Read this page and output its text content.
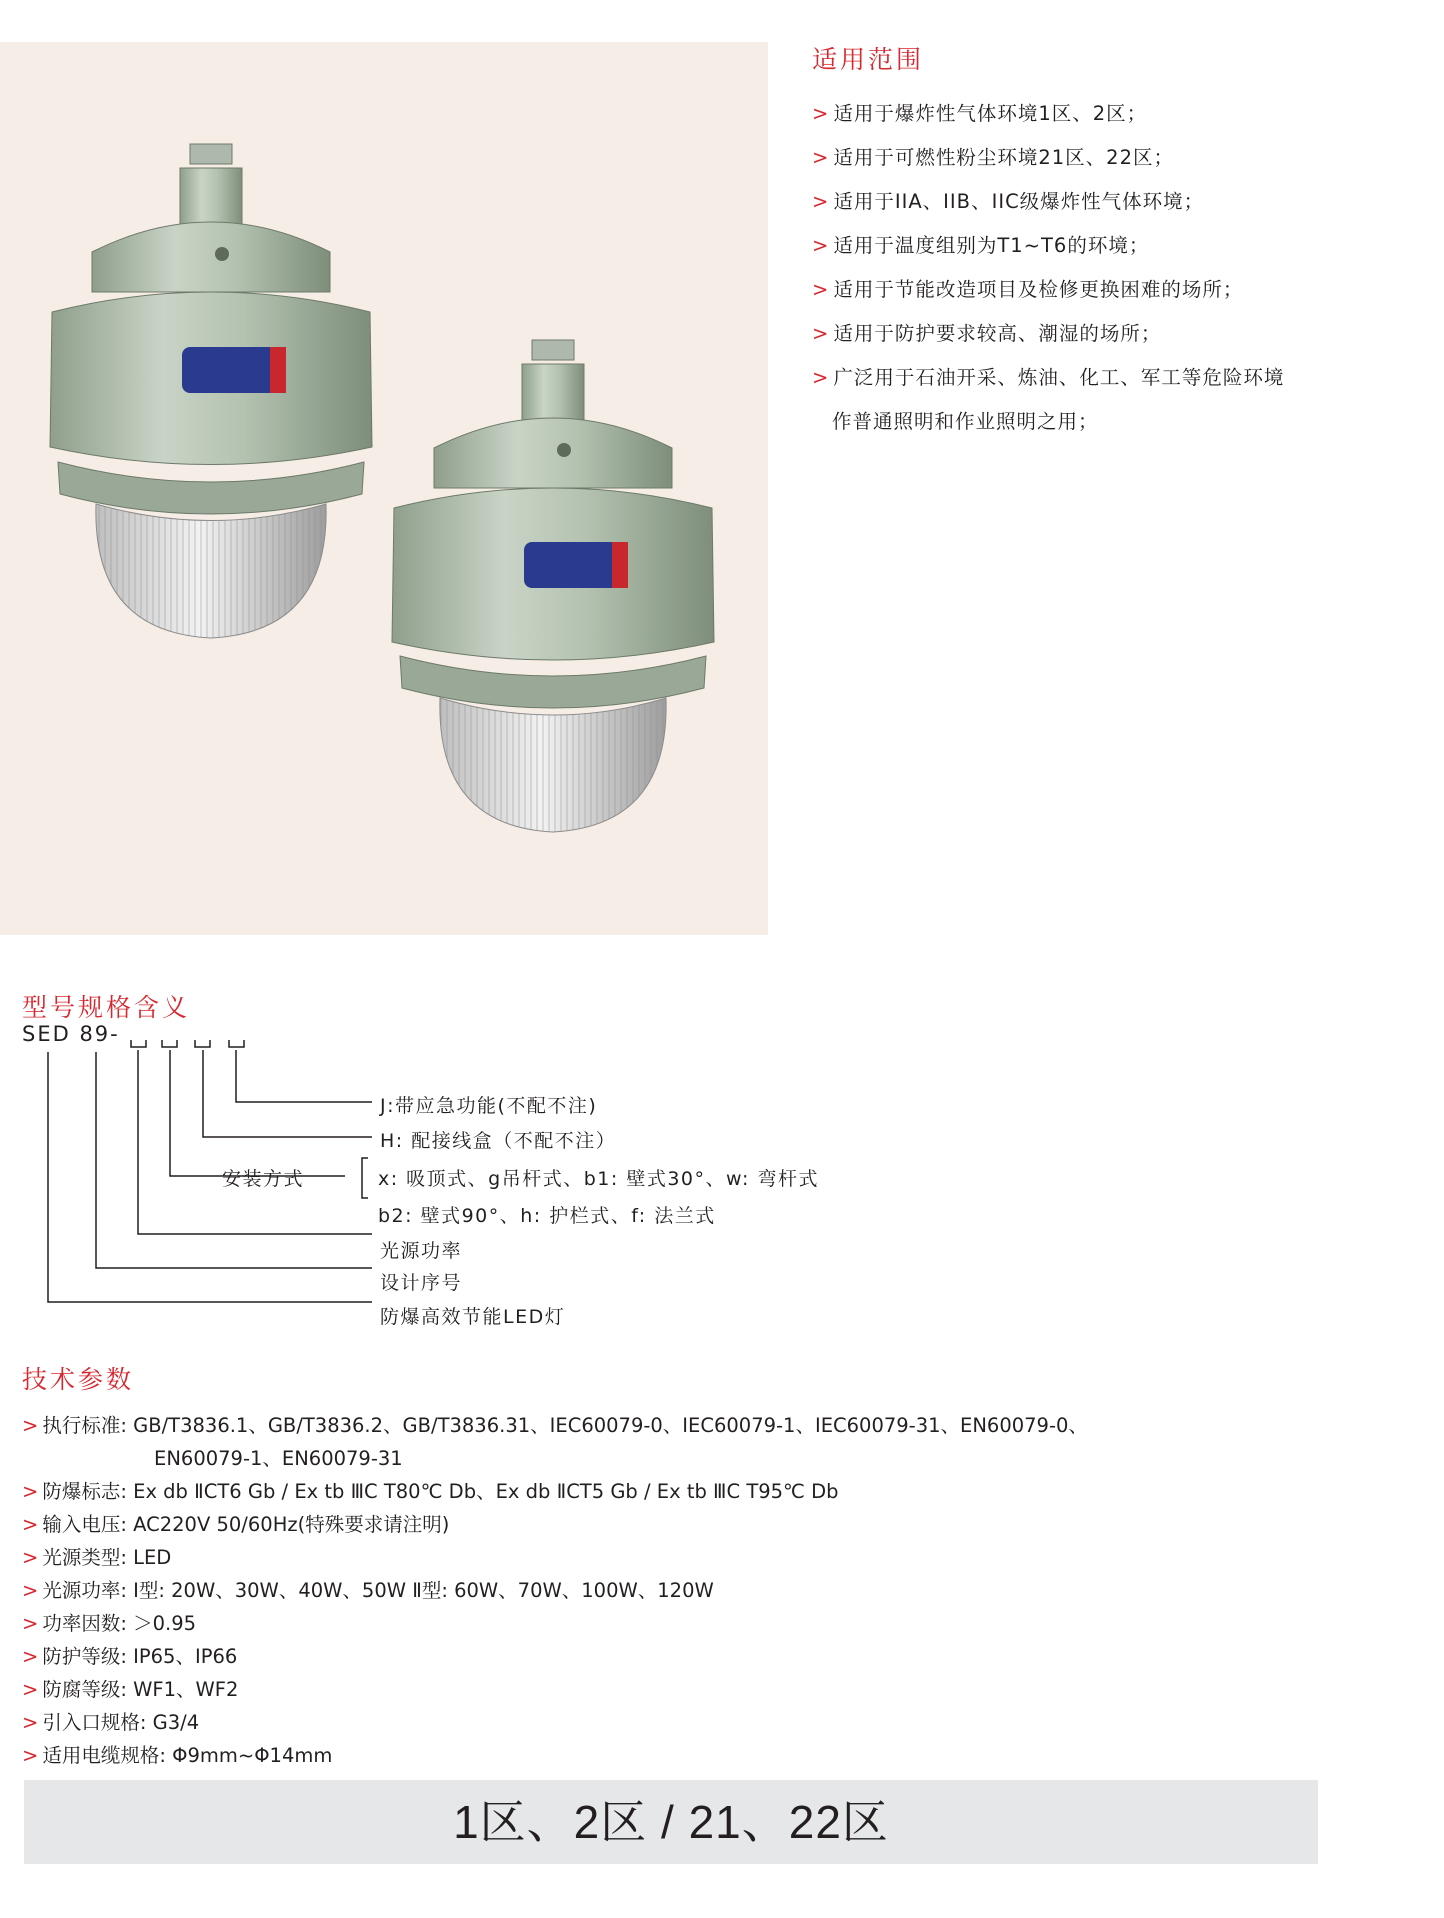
适用范围
> 适用于爆炸性气体环境1区、2区；
> 适用于可燃性粉尘环境21区、22区；
> 适用于IIA、IIB、IIC级爆炸性气体环境；
> 适用于温度组别为T1~T6的环境；
> 适用于节能改造项目及检修更换困难的场所；
> 适用于防护要求较高、潮湿的场所；
> 广泛用于石油开采、炼油、化工、军工等危险环境
作普通照明和作业照明之用；
型号规格含义
SED 89-
J:带应急功能(不配不注)
H: 配接线盒（不配不注）
安装方式	x: 吸顶式、g吊杆式、b1: 壁式30°、w: 弯杆式
b2: 壁式90°、h: 护栏式、f: 法兰式
光源功率
设计序号
防爆高效节能LED灯
技术参数
> 执行标准: GB/T3836.1、GB/T3836.2、GB/T3836.31、IEC60079-0、IEC60079-1、IEC60079-31、EN60079-0、
EN60079-1、EN60079-31
> 防爆标志: Ex db ⅡCT6 Gb / Ex tb ⅢC T80℃ Db、Ex db ⅡCT5 Gb / Ex tb ⅢC T95℃ Db
>输入电压: AC220V 50/60Hz(特殊要求请注明)
> 光源类型: LED
> 光源功率: Ⅰ型: 20W、30W、40W、50W Ⅱ型: 60W、70W、100W、120W
> 功率因数: ＞0.95
> 防护等级: IP65、IP66
> 防腐等级: WF1、WF2
> 引入口规格: G3/4
> 适用电缆规格: Φ9mm~Φ14mm
1区、2区 / 21、22区
